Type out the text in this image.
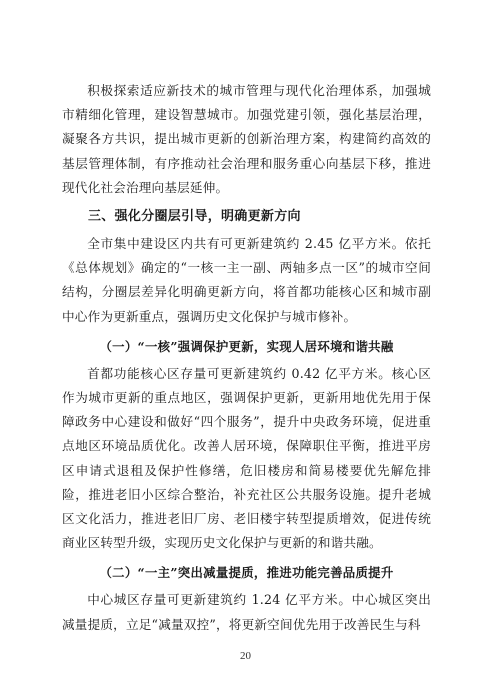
积极探索适应新技术的城市管理与现代化治理体系，加强城市精细化管理，建设智慧城市。加强党建引领，强化基层治理，凝聚各方共识，提出城市更新的创新治理方案，构建简约高效的基层管理体制，有序推动社会治理和服务重心向基层下移，推进现代化社会治理向基层延伸。

三、强化分圈层引导，明确更新方向

全市集中建设区内共有可更新建筑约 2.45 亿平方米。依托《总体规划》确定的“一核一主一副、两轴多点一区”的城市空间结构，分圈层差异化明确更新方向，将首都功能核心区和城市副中心作为更新重点，强调历史文化保护与城市修补。

（一）“一核”强调保护更新，实现人居环境和谐共融

首都功能核心区存量可更新建筑约 0.42 亿平方米。核心区作为城市更新的重点地区，强调保护更新，更新用地优先用于保障政务中心建设和做好“四个服务”，提升中央政务环境，促进重点地区环境品质优化。改善人居环境，保障职住平衡，推进平房区申请式退租及保护性修缮，危旧楼房和简易楼要优先解危排险，推进老旧小区综合整治，补充社区公共服务设施。提升老城区文化活力，推进老旧厂房、老旧楼宇转型提质增效，促进传统商业区转型升级，实现历史文化保护与更新的和谐共融。

（二）“一主”突出减量提质，推进功能完善品质提升

中心城区存量可更新建筑约 1.24 亿平方米。中心城区突出减量提质，立足“减量双控”，将更新空间优先用于改善民生与科

20
